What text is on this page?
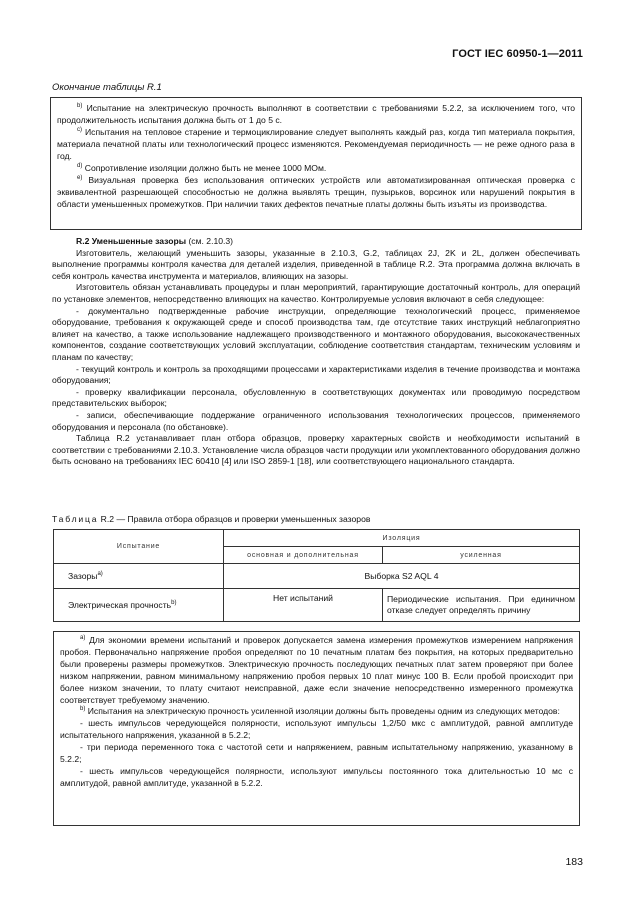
ГОСТ IEC 60950-1—2011
Окончание таблицы R.1

$^{b)}$ Испытание на электрическую прочность выполняют в соответствии с требованиями 5.2.2, за исключением того, что продолжительность испытания должна быть от 1 до 5 с.

$^{c)}$ Испытания на тепловое старение и термоциклирование следует выполнять каждый раз, когда тип материала покрытия, материала печатной платы или технологический процесс изменяются. Рекомендуемая периодичность — не реже одного раза в год.

$^{d)}$ Сопротивление изоляции должно быть не менее 1000 МОм.

$^{e)}$ Визуальная проверка без использования оптических устройств или автоматизированная оптическая проверка с эквивалентной разрешающей способностью не должна выявлять трещин, пузырьков, ворсинок или нарушений покрытия в области уменьшенных промежутков. При наличии таких дефектов печатные платы должны быть изъяты из производства.

R.2 Уменьшенные зазоры (см. 2.10.3)

Изготовитель, желающий уменьшить зазоры, указанные в 2.10.3, G.2, таблицах 2J, 2K и 2L, должен обеспечивать выполнение программы контроля качества для деталей изделия, приведенной в таблице R.2. Эта программа должна включать в себя контроль качества инструмента и материалов, влияющих на зазоры.

Изготовитель обязан устанавливать процедуры и план мероприятий, гарантирующие достаточный контроль, для операций по установке элементов, непосредственно влияющих на качество. Контролируемые условия включают в себя следующее:

- документально подтвержденные рабочие инструкции, определяющие технологический процесс, применяемое оборудование, требования к окружающей среде и способ производства там, где отсутствие таких инструкций неблагоприятно влияет на качество, а также использование надлежащего производственного и монтажного оборудования, высококачественных компонентов, создание соответствующих условий эксплуатации, соблюдение соответствия стандартам, техническим условиям и планам по качеству;

- текущий контроль и контроль за проходящими процессами и характеристиками изделия в течение производства и монтажа оборудования;

- проверку квалификации персонала, обусловленную в соответствующих документах или проводимую посредством представительских выборок;

- записи, обеспечивающие поддержание ограниченного использования технологических процессов, применяемого оборудования и персонала (по обстановке).

Таблица R.2 устанавливает план отбора образцов, проверку характерных свойств и необходимости испытаний в соответствии с требованиями 2.10.3. Установление числа образцов части продукции или укомплектованного оборудования должно быть основано на требованиях IEC 60410 [4] или ISO 2859-1 [18], или соответствующего национального стандарта.

Таблица R.2 — Правила отбора образцов и проверки уменьшенных зазоров
Испытание	Изоляция	
	основная и дополнительная	усиленная
Зазоры$^{a)}$	Выборка S2 AQL 4	
Электрическая прочность$^{b)}$	Нет испытаний	Периодические испытания. При единичном отказе следует определять причину

$^{a)}$ Для экономии времени испытаний и проверок допускается замена измерения промежутков измерением напряжения пробоя. Первоначально напряжение пробоя определяют по 10 печатным платам без покрытия, на которых предварительно были проверены размеры промежутков. Электрическую прочность последующих печатных плат затем проверяют при более низком напряжении, равном минимальному напряжению пробоя первых 10 плат минус 100 В. Если пробой происходит при более низком значении, то плату считают неисправной, даже если значение непосредственно измеренного промежутка соответствует требуемому значению.

$^{b)}$ Испытания на электрическую прочность усиленной изоляции должны быть проведены одним из следующих методов:

- шесть импульсов чередующейся полярности, используют импульсы 1,2/50 мкс с амплитудой, равной амплитуде испытательного напряжения, указанной в 5.2.2;

- три периода переменного тока с частотой сети и напряжением, равным испытательному напряжению, указанному в 5.2.2;

- шесть импульсов чередующейся полярности, используют импульсы постоянного тока длительностью 10 мс с амплитудой, равной амплитуде, указанной в 5.2.2.

183
